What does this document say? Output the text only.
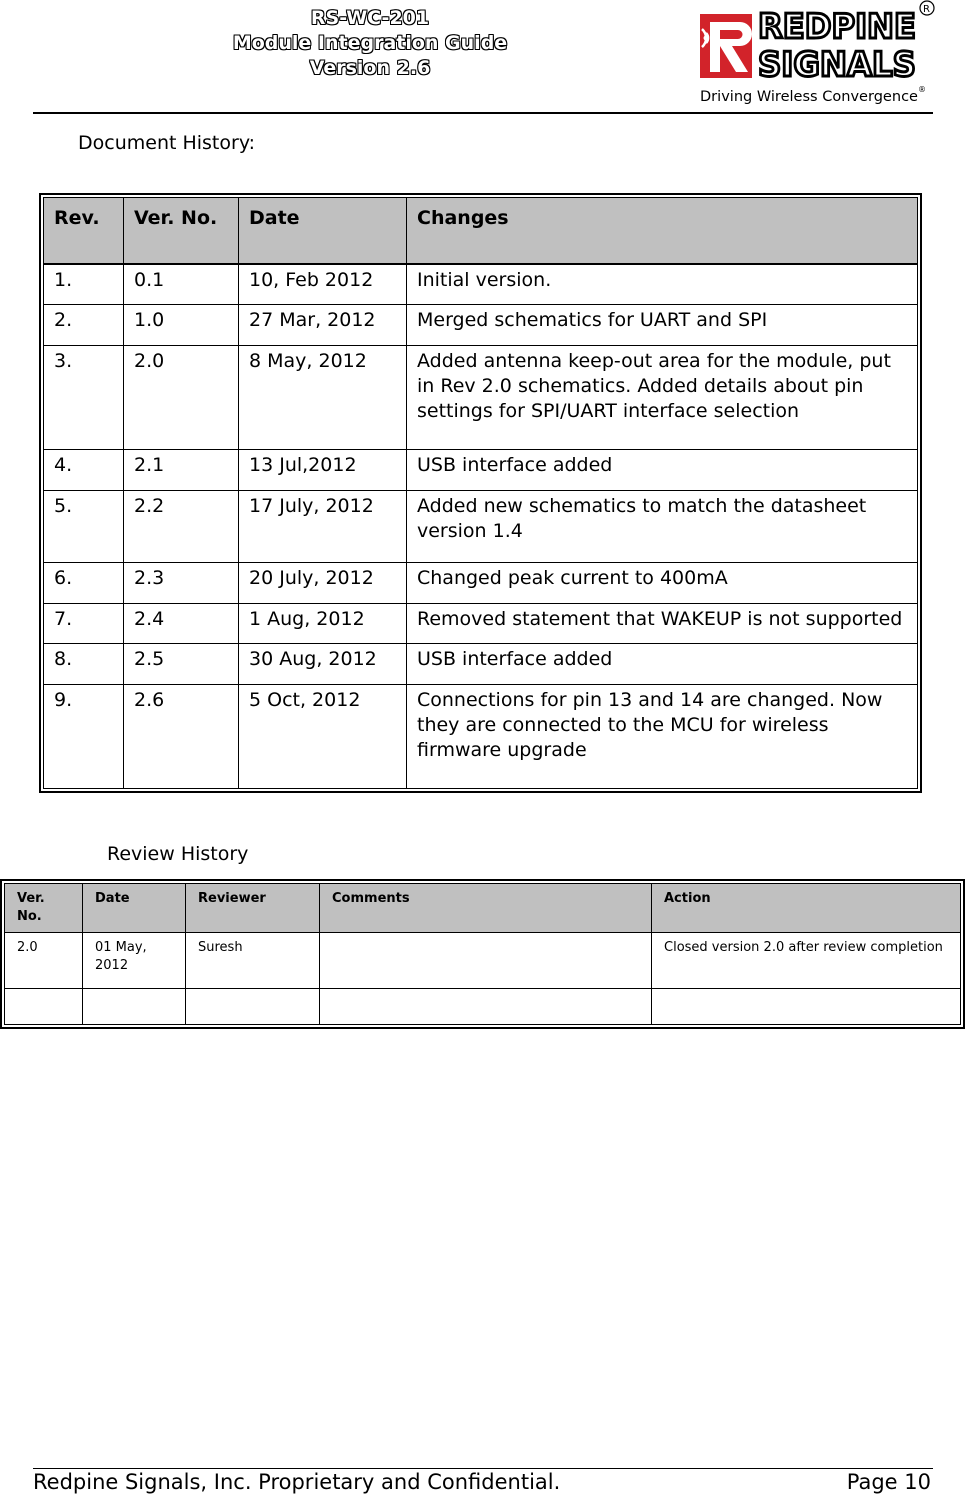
RS-WC-201
Module Integration Guide
Version 2.6
REDPINE
SIGNALS
R
Driving Wireless Convergence ®
Document History:
Rev.	Ver. No.	Date	Changes
1.	0.1	10, Feb 2012	Initial version.
2.	1.0	27 Mar, 2012	Merged schematics for UART and SPI
3.	2.0	8 May, 2012	Added antenna keep-out area for the module, put in Rev 2.0 schematics. Added details about pin settings for SPI/UART interface selection
4.	2.1	13 Jul,2012	USB interface added
5.	2.2	17 July, 2012	Added new schematics to match the datasheet version 1.4
6.	2.3	20 July, 2012	Changed peak current to 400mA
7.	2.4	1 Aug, 2012	Removed statement that WAKEUP is not supported
8.	2.5	30 Aug, 2012	USB interface added
9.	2.6	5 Oct, 2012	Connections for pin 13 and 14 are changed. Now they are connected to the MCU for wireless firmware upgrade
Review History
Ver. No.	Date	Reviewer	Comments	Action
2.0	01 May, 2012	Suresh		Closed version 2.0 after review completion

Redpine Signals, Inc. Proprietary and Confidential.	Page 10
